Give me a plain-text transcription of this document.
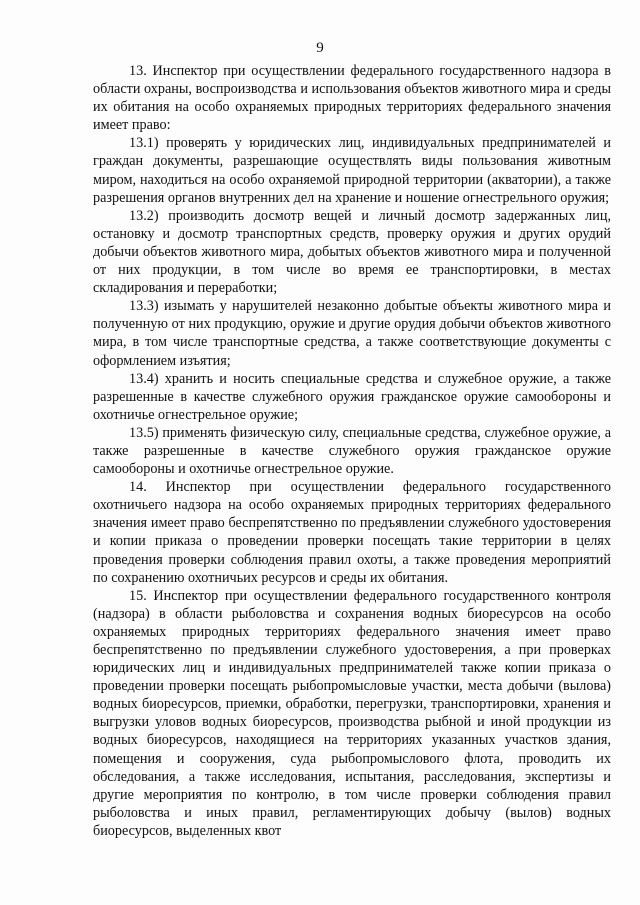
9

13. Инспектор при осуществлении федерального государственного надзора в области охраны, воспроизводства и использования объектов животного мира и среды их обитания на особо охраняемых природных территориях федерального значения имеет право:

13.1) проверять у юридических лиц, индивидуальных предпринимателей и граждан документы, разрешающие осуществлять виды пользования животным миром, находиться на особо охраняемой природной территории (акватории), а также разрешения органов внутренних дел на хранение и ношение огнестрельного оружия;

13.2) производить досмотр вещей и личный досмотр задержанных лиц, остановку и досмотр транспортных средств, проверку оружия и других орудий добычи объектов животного мира, добытых объектов животного мира и полученной от них продукции, в том числе во время ее транспортировки, в местах складирования и переработки;

13.3) изымать у нарушителей незаконно добытые объекты животного мира и полученную от них продукцию, оружие и другие орудия добычи объектов животного мира, в том числе транспортные средства, а также соответствующие документы с оформлением изъятия;

13.4) хранить и носить специальные средства и служебное оружие, а также разрешенные в качестве служебного оружия гражданское оружие самообороны и охотничье огнестрельное оружие;

13.5) применять физическую силу, специальные средства, служебное оружие, а также разрешенные в качестве служебного оружия гражданское оружие самообороны и охотничье огнестрельное оружие.

14. Инспектор при осуществлении федерального государственного охотничьего надзора на особо охраняемых природных территориях федерального значения имеет право беспрепятственно по предъявлении служебного удостоверения и копии приказа о проведении проверки посещать такие территории в целях проведения проверки соблюдения правил охоты, а также проведения мероприятий по сохранению охотничьих ресурсов и среды их обитания.

15. Инспектор при осуществлении федерального государственного контроля (надзора) в области рыболовства и сохранения водных биоресурсов на особо охраняемых природных территориях федерального значения имеет право беспрепятственно по предъявлении служебного удостоверения, а при проверках юридических лиц и индивидуальных предпринимателей также копии приказа о проведении проверки посещать рыбопромысловые участки, места добычи (вылова) водных биоресурсов, приемки, обработки, перегрузки, транспортировки, хранения и выгрузки уловов водных биоресурсов, производства рыбной и иной продукции из водных биоресурсов, находящиеся на территориях указанных участков здания, помещения и сооружения, суда рыбопромыслового флота, проводить их обследования, а также исследования, испытания, расследования, экспертизы и другие мероприятия по контролю, в том числе проверки соблюдения правил рыболовства и иных правил, регламентирующих добычу (вылов) водных биоресурсов, выделенных квот
